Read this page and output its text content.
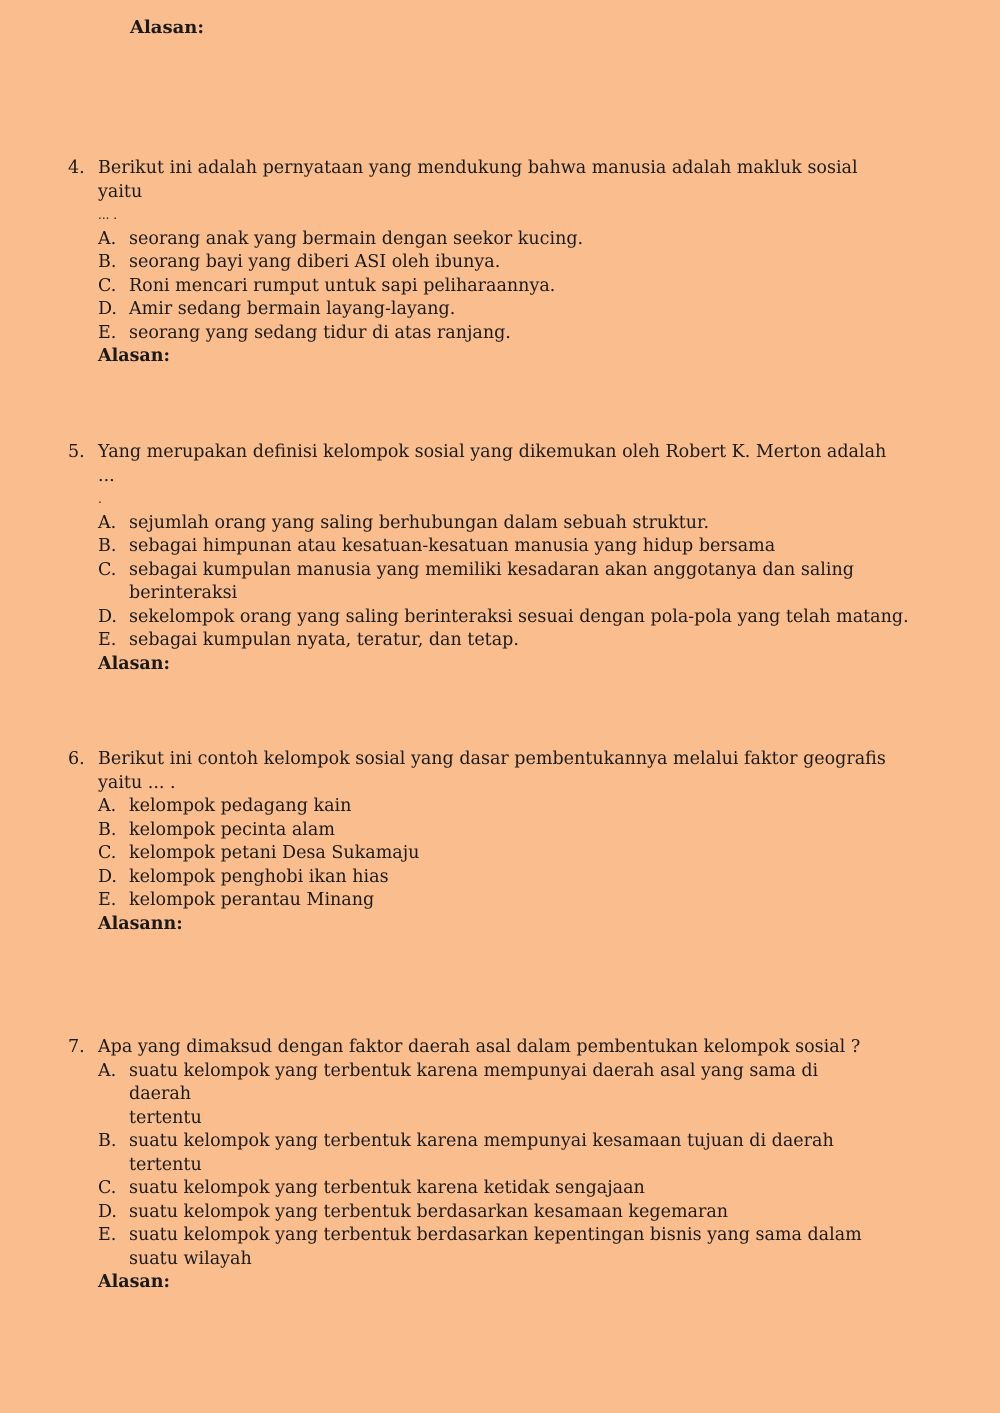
Alasan:
4. Berikut ini adalah pernyataan yang mendukung bahwa manusia adalah makluk sosial yaitu
... .
A. seorang anak yang bermain dengan seekor kucing.
B. seorang bayi yang diberi ASI oleh ibunya.
C. Roni mencari rumput untuk sapi peliharaannya.
D. Amir sedang bermain layang-layang.
E. seorang yang sedang tidur di atas ranjang.
Alasan:
5. Yang merupakan definisi kelompok sosial yang dikemukan oleh Robert K. Merton adalah ...
.
A. sejumlah orang yang saling berhubungan dalam sebuah struktur.
B. sebagai himpunan atau kesatuan-kesatuan manusia yang hidup bersama
C. sebagai kumpulan manusia yang memiliki kesadaran akan anggotanya dan saling
berinteraksi
D. sekelompok orang yang saling berinteraksi sesuai dengan pola-pola yang telah matang.
E. sebagai kumpulan nyata, teratur, dan tetap.
Alasan:
6. Berikut ini contoh kelompok sosial yang dasar pembentukannya melalui faktor geografis
yaitu ... .
A. kelompok pedagang kain
B. kelompok pecinta alam
C. kelompok petani Desa Sukamaju
D. kelompok penghobi ikan hias
E. kelompok perantau Minang
Alasann:
7. Apa yang dimaksud dengan faktor daerah asal dalam pembentukan kelompok sosial ?
A. suatu kelompok yang terbentuk karena mempunyai daerah asal yang sama di daerah
tertentu
B. suatu kelompok yang terbentuk karena mempunyai kesamaan tujuan di daerah
tertentu
C. suatu kelompok yang terbentuk karena ketidak sengajaan
D. suatu kelompok yang terbentuk berdasarkan kesamaan kegemaran
E. suatu kelompok yang terbentuk berdasarkan kepentingan bisnis yang sama dalam
suatu wilayah
Alasan:
